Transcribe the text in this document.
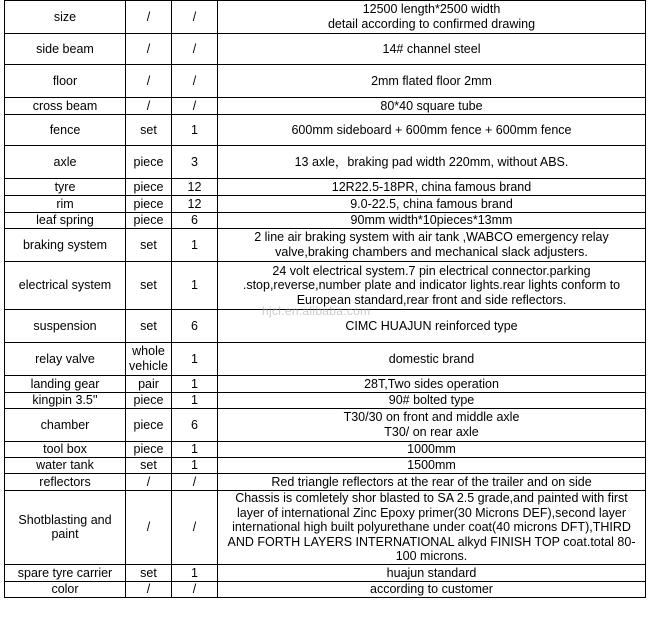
size	/	/	12500 length*2500 width
detail according to confirmed drawing
side beam	/	/	14# channel steel
floor	/	/	2mm flated floor 2mm
cross beam	/	/	80*40 square tube
fence	set	1	600mm sideboard + 600mm fence + 600mm fence
axle	piece	3	13 axle，braking pad width 220mm, without ABS.
tyre	piece	12	12R22.5-18PR, china famous brand
rim	piece	12	9.0-22.5, china famous brand
leaf spring	piece	6	90mm width*10pieces*13mm
braking system	set	1	2 line air braking system with air tank ,WABCO emergency relay valve,braking chambers and mechanical slack adjusters.
electrical system	set	1	24 volt electrical system.7 pin electrical connector.parking .stop,reverse,number plate and indicator lights.rear lights conform to European standard,rear front and side reflectors.
suspension	set	6	CIMC HUAJUN reinforced type
relay valve	whole vehicle	1	domestic brand
landing gear	pair	1	28T,Two sides operation
kingpin 3.5''	piece	1	90# bolted type
chamber	piece	6	T30/30 on front and middle axle
T30/ on rear axle
tool box	piece	1	1000mm
water tank	set	1	1500mm
reflectors	/	/	Red triangle reflectors at the rear of the trailer and on side
Shotblasting and paint	/	/	Chassis is comletely shor blasted to SA 2.5 grade,and painted with first layer of international Zinc Epoxy primer(30 Microns DEF),second layer international high built polyurethane under coat(40 microns DFT),THIRD AND FORTH LAYERS INTERNATIONAL alkyd FINISH TOP coat.total 80-100 microns.
spare tyre carrier	set	1	huajun standard
color	/	/	according to customer
hjcl.en.alibaba.com
